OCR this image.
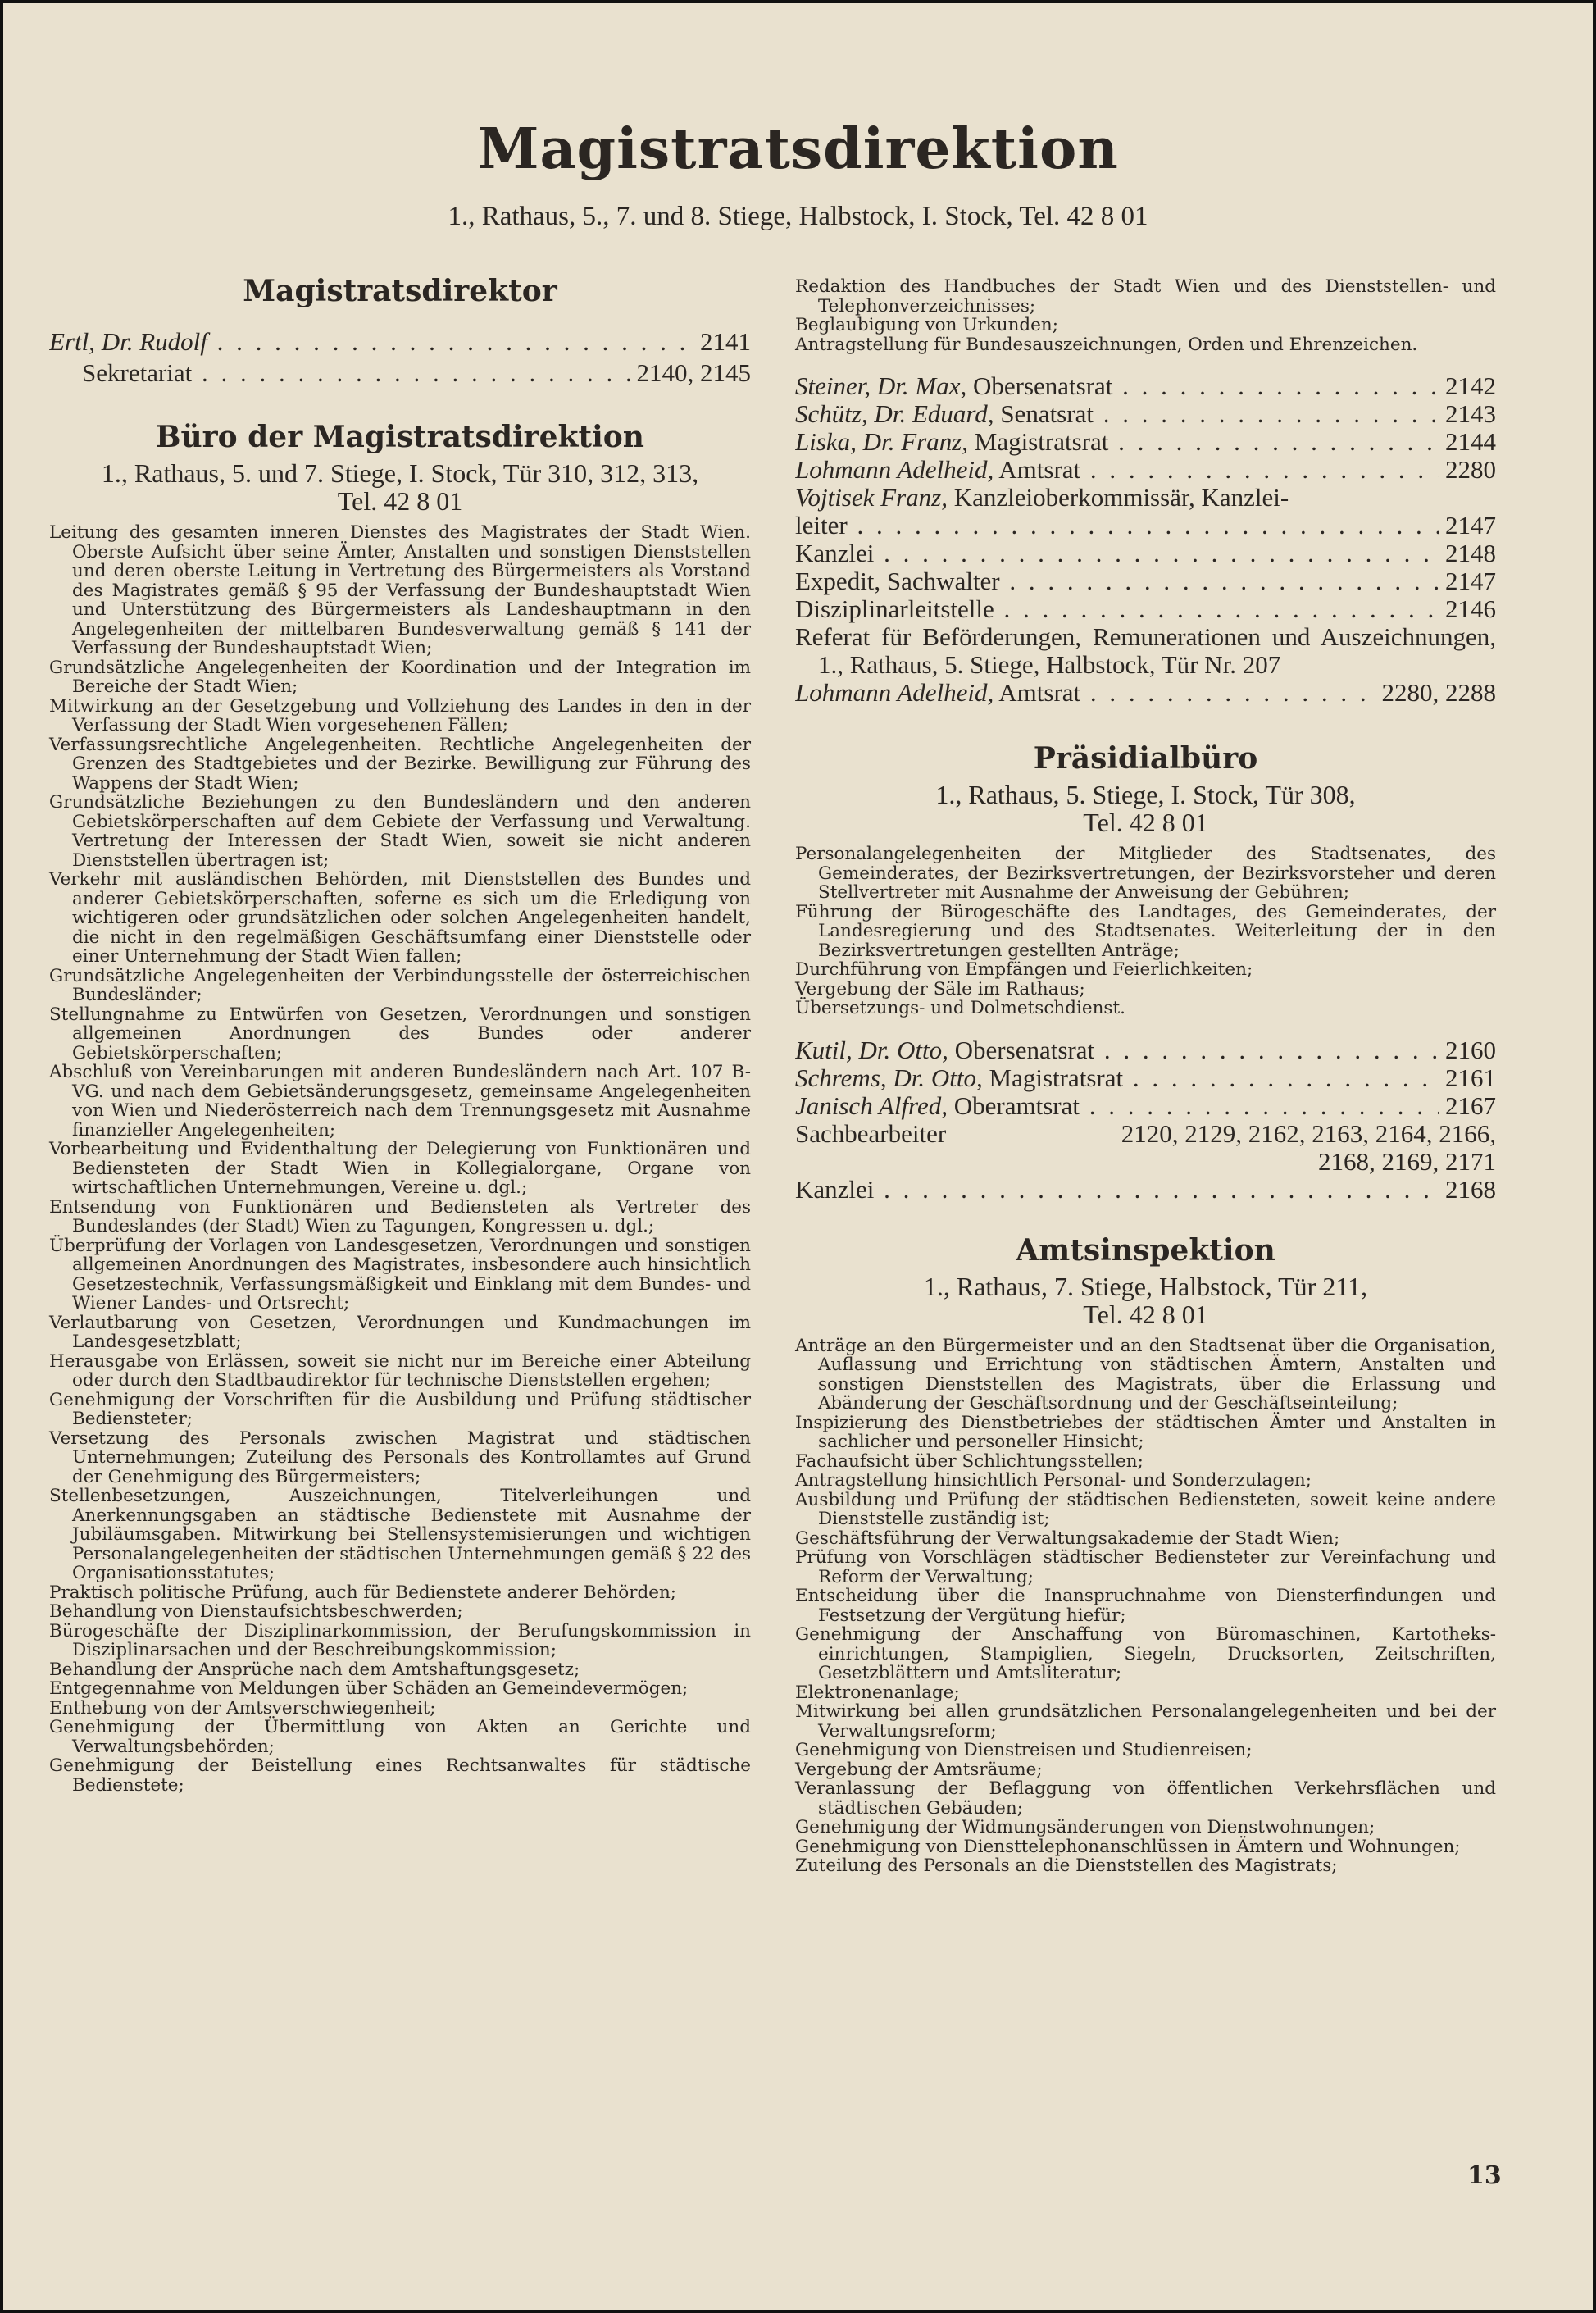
Magistratsdirektion
1., Rathaus, 5., 7. und 8. Stiege, Halbstock, I. Stock, Tel. 42 8 01
Magistratsdirektor
Ertl, Dr. Rudolf . . .	2141
Sekretariat . . .	2140, 2145
Büro der Magistratsdirektion
1., Rathaus, 5. und 7. Stiege, I. Stock, Tür 310, 312, 313,
Tel. 42 8 01

Leitung des gesamten inneren Dienstes des Magistrates der Stadt Wien. Oberste Aufsicht über seine Ämter, Anstalten und sonstigen Dienststellen und deren oberste Leitung in Vertretung des Bürgermeisters als Vorstand des Magistrates gemäß § 95 der Verfassung der Bundeshauptstadt Wien und Unterstützung des Bürgermeisters als Landeshauptmann in den Angelegenheiten der mittelbaren Bundesverwaltung gemäß § 141 der Verfassung der Bundeshauptstadt Wien;

Grundsätzliche Angelegenheiten der Koordination und der Integration im Bereiche der Stadt Wien;

Mitwirkung an der Gesetzgebung und Vollziehung des Landes in den in der Verfassung der Stadt Wien vorgesehenen Fällen;

Verfassungsrechtliche Angelegenheiten. Rechtliche Angelegenheiten der Grenzen des Stadtgebietes und der Bezirke. Bewilligung zur Führung des Wappens der Stadt Wien;

Grundsätzliche Beziehungen zu den Bundesländern und den anderen Gebietskörperschaften auf dem Gebiete der Verfassung und Verwaltung. Vertretung der Interessen der Stadt Wien, soweit sie nicht anderen Dienststellen übertragen ist;

Verkehr mit ausländischen Behörden, mit Dienststellen des Bundes und anderer Gebietskörperschaften, soferne es sich um die Erledigung von wichtigeren oder grundsätzlichen oder solchen Angelegenheiten handelt, die nicht in den regelmäßigen Geschäftsumfang einer Dienststelle oder einer Unternehmung der Stadt Wien fallen;

Grundsätzliche Angelegenheiten der Verbindungsstelle der österreichischen Bundesländer;

Stellungnahme zu Entwürfen von Gesetzen, Verordnungen und sonstigen allgemeinen Anordnungen des Bundes oder anderer Gebietskörperschaften;

Abschluß von Vereinbarungen mit anderen Bundesländern nach Art. 107 B-VG. und nach dem Gebietsänderungsgesetz, gemeinsame Angelegenheiten von Wien und Niederösterreich nach dem Trennungsgesetz mit Ausnahme finanzieller Angelegenheiten;

Vorbearbeitung und Evidenthaltung der Delegierung von Funktionären und Bediensteten der Stadt Wien in Kollegialorgane, Organe von wirtschaftlichen Unternehmungen, Vereine u. dgl.;

Entsendung von Funktionären und Bediensteten als Vertreter des Bundeslandes (der Stadt) Wien zu Tagungen, Kongressen u. dgl.;

Überprüfung der Vorlagen von Landesgesetzen, Verordnungen und sonstigen allgemeinen Anordnungen des Magistrates, insbesondere auch hinsichtlich Gesetzestechnik, Verfassungsmäßigkeit und Einklang mit dem Bundes- und Wiener Landes- und Ortsrecht;

Verlautbarung von Gesetzen, Verordnungen und Kundmachungen im Landesgesetzblatt;

Herausgabe von Erlässen, soweit sie nicht nur im Bereiche einer Abteilung oder durch den Stadtbaudirektor für technische Dienststellen ergehen;

Genehmigung der Vorschriften für die Ausbildung und Prüfung städtischer Bediensteter;

Versetzung des Personals zwischen Magistrat und städtischen Unternehmungen; Zuteilung des Personals des Kontrollamtes auf Grund der Genehmigung des Bürgermeisters;

Stellenbesetzungen, Auszeichnungen, Titelverleihungen und Anerkennungsgaben an städtische Bedienstete mit Ausnahme der Jubiläumsgaben. Mitwirkung bei Stellensystemisierungen und wichtigen Personalangelegenheiten der städtischen Unternehmungen gemäß § 22 des Organisationsstatutes;

Praktisch politische Prüfung, auch für Bedienstete anderer Behörden;

Behandlung von Dienstaufsichtsbeschwerden;

Bürogeschäfte der Disziplinarkommission, der Berufungskommission in Disziplinarsachen und der Beschreibungskommission;

Behandlung der Ansprüche nach dem Amtshaftungsgesetz;

Entgegennahme von Meldungen über Schäden an Gemeindevermögen;

Enthebung von der Amtsverschwiegenheit;

Genehmigung der Übermittlung von Akten an Gerichte und Verwaltungsbehörden;

Genehmigung der Beistellung eines Rechtsanwaltes für städtische Bedienstete;

Redaktion des Handbuches der Stadt Wien und des Dienststellen- und Telephonverzeichnisses;

Beglaubigung von Urkunden;

Antragstellung für Bundesauszeichnungen, Orden und Ehrenzeichen.

Steiner, Dr. Max, Obersenatsrat . . .	2142
Schütz, Dr. Eduard, Senatsrat . . .	2143
Liska, Dr. Franz, Magistratsrat . . .	2144
Lohmann Adelheid, Amtsrat . . .	2280
Vojtisek Franz, Kanzleioberkommissär, Kanzlei-
leiter . . .	2147
Kanzlei . . .	2148
Expedit, Sachwalter . . .	2147
Disziplinarleitstelle . . .	2146
Referat für Beförderungen, Remunerationen und Auszeichnungen, 1., Rathaus, 5. Stiege, Halbstock, Tür Nr. 207
Lohmann Adelheid, Amtsrat . . .	2280, 2288
Präsidialbüro
1., Rathaus, 5. Stiege, I. Stock, Tür 308,
Tel. 42 8 01

Personalangelegenheiten der Mitglieder des Stadtsenates, des Gemeinderates, der Bezirksvertretungen, der Bezirksvorsteher und deren Stellvertreter mit Ausnahme der Anweisung der Gebühren;

Führung der Bürogeschäfte des Landtages, des Gemeinderates, der Landesregierung und des Stadtsenates. Weiterleitung der in den Bezirksvertretungen gestellten Anträge;

Durchführung von Empfängen und Feierlichkeiten;

Vergebung der Säle im Rathaus;

Übersetzungs- und Dolmetschdienst.

Kutil, Dr. Otto, Obersenatsrat . . .	2160
Schrems, Dr. Otto, Magistratsrat . . .	2161
Janisch Alfred, Oberamtsrat . . .	2167
Sachbearbeiter	2120, 2129, 2162, 2163, 2164, 2166,
2168, 2169, 2171
Kanzlei . . .	2168
Amtsinspektion
1., Rathaus, 7. Stiege, Halbstock, Tür 211,
Tel. 42 8 01

Anträge an den Bürgermeister und an den Stadtsenat über die Organisation, Auflassung und Errichtung von städtischen Ämtern, Anstalten und sonstigen Dienststellen des Magistrats, über die Erlassung und Abänderung der Geschäftsordnung und der Geschäftseinteilung;

Inspizierung des Dienstbetriebes der städtischen Ämter und Anstalten in sachlicher und personeller Hinsicht;

Fachaufsicht über Schlichtungsstellen;

Antragstellung hinsichtlich Personal- und Sonderzulagen;

Ausbildung und Prüfung der städtischen Bediensteten, soweit keine andere Dienststelle zuständig ist;

Geschäftsführung der Verwaltungsakademie der Stadt Wien;

Prüfung von Vorschlägen städtischer Bediensteter zur Vereinfachung und Reform der Verwaltung;

Entscheidung über die Inanspruchnahme von Diensterfindungen und Festsetzung der Vergütung hiefür;

Genehmigung der Anschaffung von Büromaschinen, Kartotheks-einrichtungen, Stampiglien, Siegeln, Drucksorten, Zeitschriften, Gesetzblättern und Amtsliteratur;

Elektronenanlage;

Mitwirkung bei allen grundsätzlichen Personalangelegenheiten und bei der Verwaltungsreform;

Genehmigung von Dienstreisen und Studienreisen;

Vergebung der Amtsräume;

Veranlassung der Beflaggung von öffentlichen Verkehrsflächen und städtischen Gebäuden;

Genehmigung der Widmungsänderungen von Dienstwohnungen;

Genehmigung von Diensttelephonanschlüssen in Ämtern und Wohnungen;

Zuteilung des Personals an die Dienststellen des Magistrats;

13
